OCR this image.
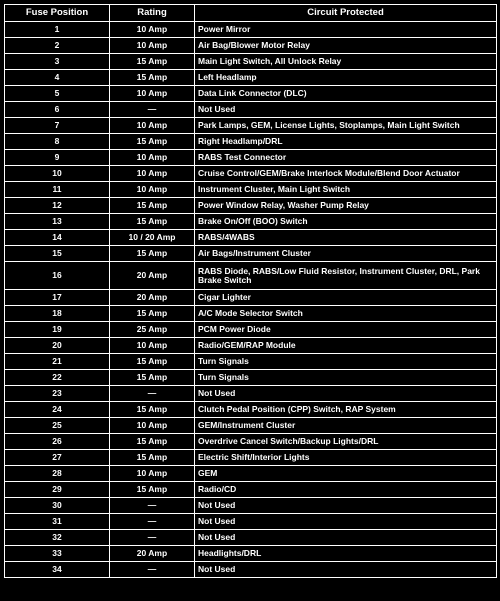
Fuse Position	Rating	Circuit Protected
1	10 Amp	Power Mirror
2	10 Amp	Air Bag/Blower Motor Relay
3	15 Amp	Main Light Switch, All Unlock Relay
4	15 Amp	Left Headlamp
5	10 Amp	Data Link Connector (DLC)
6	—	Not Used
7	10 Amp	Park Lamps, GEM, License Lights, Stoplamps, Main Light Switch
8	15 Amp	Right Headlamp/DRL
9	10 Amp	RABS Test Connector
10	10 Amp	Cruise Control/GEM/Brake Interlock Module/Blend Door Actuator
11	10 Amp	Instrument Cluster, Main Light Switch
12	15 Amp	Power Window Relay, Washer Pump Relay
13	15 Amp	Brake On/Off (BOO) Switch
14	10 / 20 Amp	RABS/4WABS
15	15 Amp	Air Bags/Instrument Cluster
16	20 Amp	RABS Diode, RABS/Low Fluid Resistor, Instrument Cluster, DRL, Park Brake Switch
17	20 Amp	Cigar Lighter
18	15 Amp	A/C Mode Selector Switch
19	25 Amp	PCM Power Diode
20	10 Amp	Radio/GEM/RAP Module
21	15 Amp	Turn Signals
22	15 Amp	Turn Signals
23	—	Not Used
24	15 Amp	Clutch Pedal Position (CPP) Switch, RAP System
25	10 Amp	GEM/Instrument Cluster
26	15 Amp	Overdrive Cancel Switch/Backup Lights/DRL
27	15 Amp	Electric Shift/Interior Lights
28	10 Amp	GEM
29	15 Amp	Radio/CD
30	—	Not Used
31	—	Not Used
32	—	Not Used
33	20 Amp	Headlights/DRL
34	—	Not Used
